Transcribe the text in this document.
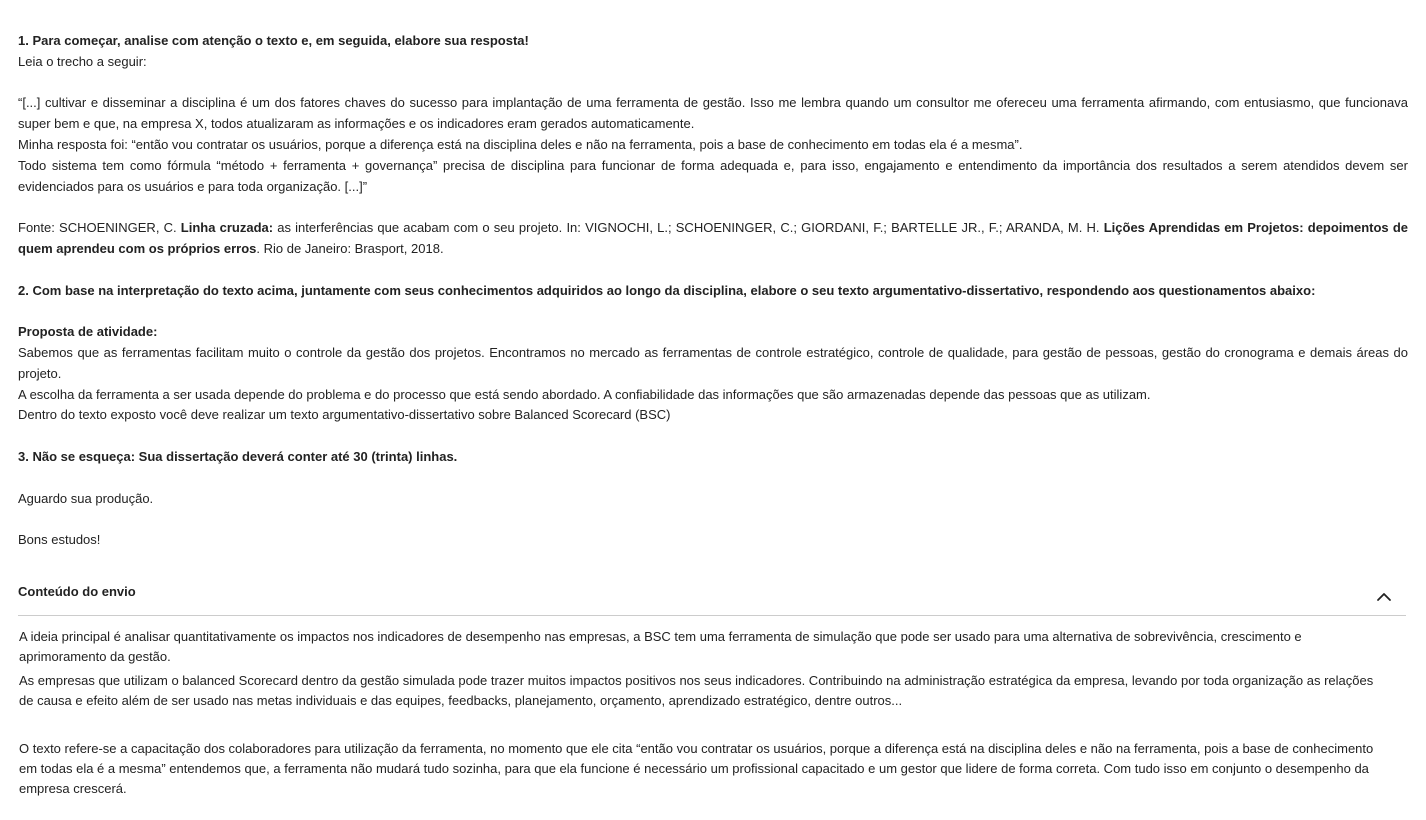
1. Para começar, analise com atenção o texto e, em seguida, elabore sua resposta!

Leia o trecho a seguir:

“[...] cultivar e disseminar a disciplina é um dos fatores chaves do sucesso para implantação de uma ferramenta de gestão. Isso me lembra quando um consultor me ofereceu uma ferramenta afirmando, com entusiasmo, que funcionava super bem e que, na empresa X, todos atualizaram as informações e os indicadores eram gerados automaticamente.

Minha resposta foi: “então vou contratar os usuários, porque a diferença está na disciplina deles e não na ferramenta, pois a base de conhecimento em todas ela é a mesma”.

Todo sistema tem como fórmula “método + ferramenta + governança” precisa de disciplina para funcionar de forma adequada e, para isso, engajamento e entendimento da importância dos resultados a serem atendidos devem ser evidenciados para os usuários e para toda organização. [...]”

Fonte: SCHOENINGER, C. Linha cruzada: as interferências que acabam com o seu projeto. In: VIGNOCHI, L.; SCHOENINGER, C.; GIORDANI, F.; BARTELLE JR., F.; ARANDA, M. H. Lições Aprendidas em Projetos: depoimentos de quem aprendeu com os próprios erros. Rio de Janeiro: Brasport, 2018.

2. Com base na interpretação do texto acima, juntamente com seus conhecimentos adquiridos ao longo da disciplina, elabore o seu texto argumentativo-dissertativo, respondendo aos questionamentos abaixo:

Proposta de atividade:

Sabemos que as ferramentas facilitam muito o controle da gestão dos projetos. Encontramos no mercado as ferramentas de controle estratégico, controle de qualidade, para gestão de pessoas, gestão do cronograma e demais áreas do projeto.

A escolha da ferramenta a ser usada depende do problema e do processo que está sendo abordado. A confiabilidade das informações que são armazenadas depende das pessoas que as utilizam.

Dentro do texto exposto você deve realizar um texto argumentativo-dissertativo sobre Balanced Scorecard (BSC)

3. Não se esqueça: Sua dissertação deverá conter até 30 (trinta) linhas.

Aguardo sua produção.

Bons estudos!

Conteúdo do envio

A ideia principal é analisar quantitativamente os impactos nos indicadores de desempenho nas empresas, a BSC tem uma ferramenta de simulação que pode ser usado para uma alternativa de sobrevivência, crescimento e aprimoramento da gestão.

As empresas que utilizam o balanced Scorecard dentro da gestão simulada pode trazer muitos impactos positivos nos seus indicadores. Contribuindo na administração estratégica da empresa, levando por toda organização as relações de causa e efeito além de ser usado nas metas individuais e das equipes, feedbacks, planejamento, orçamento, aprendizado estratégico, dentre outros...

O texto refere-se a capacitação dos colaboradores para utilização da ferramenta, no momento que ele cita “então vou contratar os usuários, porque a diferença está na disciplina deles e não na ferramenta, pois a base de conhecimento em todas ela é a mesma” entendemos que, a ferramenta não mudará tudo sozinha, para que ela funcione é necessário um profissional capacitado e um gestor que lidere de forma correta. Com tudo isso em conjunto o desempenho da empresa crescerá.
